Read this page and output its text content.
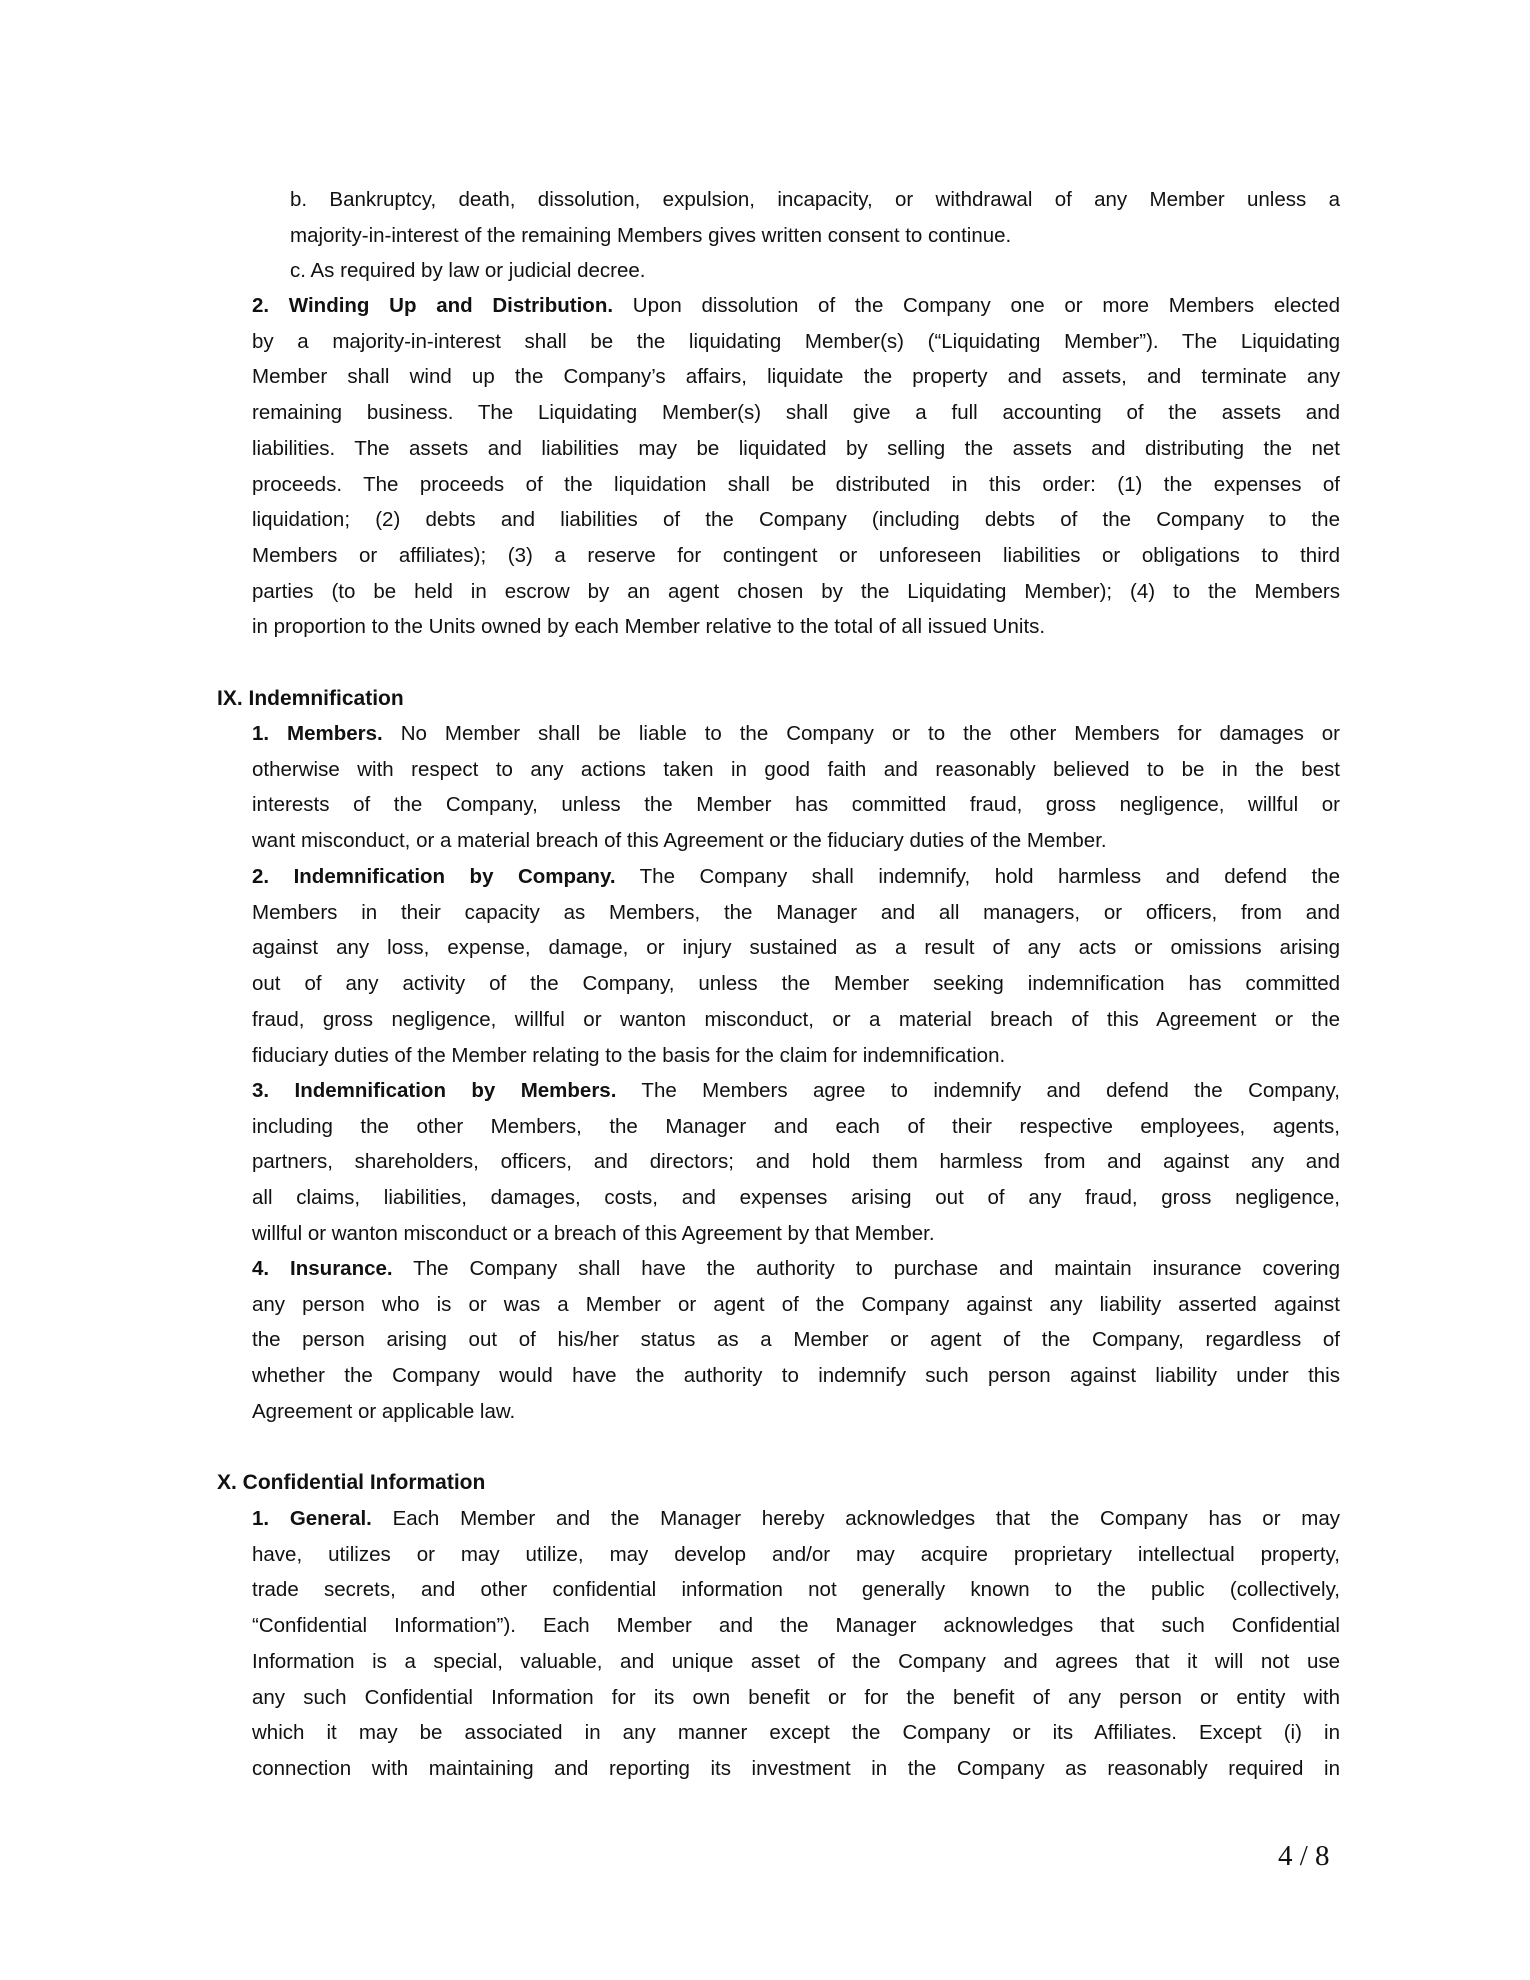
b. Bankruptcy, death, dissolution, expulsion, incapacity, or withdrawal of any Member unless a
majority-in-interest of the remaining Members gives written consent to continue.
c. As required by law or judicial decree.
2. Winding Up and Distribution. Upon dissolution of the Company one or more Members elected
by a majority-in-interest shall be the liquidating Member(s) (“Liquidating Member”). The Liquidating
Member shall wind up the Company’s affairs, liquidate the property and assets, and terminate any
remaining business. The Liquidating Member(s) shall give a full accounting of the assets and
liabilities. The assets and liabilities may be liquidated by selling the assets and distributing the net
proceeds. The proceeds of the liquidation shall be distributed in this order: (1) the expenses of
liquidation; (2) debts and liabilities of the Company (including debts of the Company to the
Members or affiliates); (3) a reserve for contingent or unforeseen liabilities or obligations to third
parties (to be held in escrow by an agent chosen by the Liquidating Member); (4) to the Members
in proportion to the Units owned by each Member relative to the total of all issued Units.
IX. Indemnification
1. Members. No Member shall be liable to the Company or to the other Members for damages or
otherwise with respect to any actions taken in good faith and reasonably believed to be in the best
interests of the Company, unless the Member has committed fraud, gross negligence, willful or
want misconduct, or a material breach of this Agreement or the fiduciary duties of the Member.
2. Indemnification by Company. The Company shall indemnify, hold harmless and defend the
Members in their capacity as Members, the Manager and all managers, or officers, from and
against any loss, expense, damage, or injury sustained as a result of any acts or omissions arising
out of any activity of the Company, unless the Member seeking indemnification has committed
fraud, gross negligence, willful or wanton misconduct, or a material breach of this Agreement or the
fiduciary duties of the Member relating to the basis for the claim for indemnification.
3. Indemnification by Members. The Members agree to indemnify and defend the Company,
including the other Members, the Manager and each of their respective employees, agents,
partners, shareholders, officers, and directors; and hold them harmless from and against any and
all claims, liabilities, damages, costs, and expenses arising out of any fraud, gross negligence,
willful or wanton misconduct or a breach of this Agreement by that Member.
4. Insurance. The Company shall have the authority to purchase and maintain insurance covering
any person who is or was a Member or agent of the Company against any liability asserted against
the person arising out of his/her status as a Member or agent of the Company, regardless of
whether the Company would have the authority to indemnify such person against liability under this
Agreement or applicable law.
X. Confidential Information
1. General. Each Member and the Manager hereby acknowledges that the Company has or may
have, utilizes or may utilize, may develop and/or may acquire proprietary intellectual property,
trade secrets, and other confidential information not generally known to the public (collectively,
“Confidential Information”). Each Member and the Manager acknowledges that such Confidential
Information is a special, valuable, and unique asset of the Company and agrees that it will not use
any such Confidential Information for its own benefit or for the benefit of any person or entity with
which it may be associated in any manner except the Company or its Affiliates. Except (i) in
connection with maintaining and reporting its investment in the Company as reasonably required in
4 / 8
